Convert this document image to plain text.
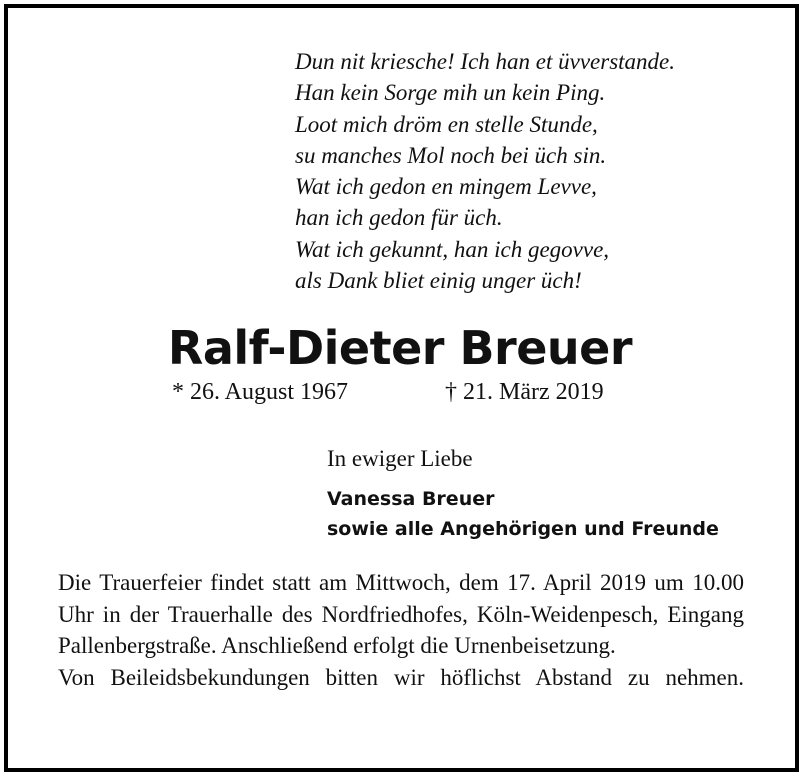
Dun nit kriesche! Ich han et üvverstande.
Han kein Sorge mih un kein Ping.
Loot mich dröm en stelle Stunde,
su manches Mol noch bei üch sin.
Wat ich gedon en mingem Levve,
han ich gedon für üch.
Wat ich gekunnt, han ich gegovve,
als Dank bliet einig unger üch!
Ralf-Dieter Breuer
* 26. August 1967	† 21. März 2019
In ewiger Liebe
Vanessa Breuer
sowie alle Angehörigen und Freunde

Die Trauerfeier findet statt am Mittwoch, dem 17. April 2019 um 10.00 Uhr in der Trauerhalle des Nordfriedhofes, Köln-Weidenpesch, Eingang Pallenbergstraße. Anschließend erfolgt die Urnenbeisetzung.

Von Beileidsbekundungen bitten wir höflichst Abstand zu nehmen.
